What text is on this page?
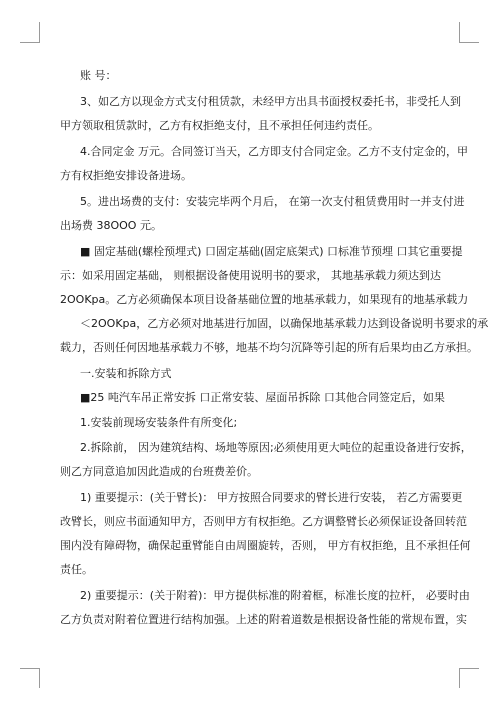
账 号：
3、如乙方以现金方式支付租赁款，未经甲方出具书面授权委托书，非受托人到
甲方领取租赁款时，乙方有权拒绝支付，且不承担任何违约责任。
4.合同定金 万元。合同签订当天，乙方即支付合同定金。乙方不支付定金的，甲
方有权拒绝安排设备进场。
5。进出场费的支付：安装完毕两个月后， 在第一次支付租赁费用时一并支付进
出场费 38OOO 元。
■ 固定基础(螺栓预埋式) 口固定基础(固定底架式) 口标准节预埋 口其它重要提
示：如采用固定基础， 则根据设备使用说明书的要求， 其地基承载力须达到达
2OOKpa。乙方必须确保本项目设备基础位置的地基承载力，如果现有的地基承载力
＜2OOKpa，乙方必须对地基进行加固，以确保地基承载力达到设备说明书要求的承
载力，否则任何因地基承载力不够，地基不均匀沉降等引起的所有后果均由乙方承担。
一.安装和拆除方式
■25 吨汽车吊正常安拆 口正常安装、屋面吊拆除 口其他合同签定后，如果
1.安装前现场安装条件有所变化;
2.拆除前， 因为建筑结构、场地等原因;必须使用更大吨位的起重设备进行安拆，
则乙方同意追加因此造成的台班费差价。
1) 重要提示：(关于臂长)： 甲方按照合同要求的臂长进行安装， 若乙方需要更
改臂长，则应书面通知甲方，否则甲方有权拒绝。乙方调整臂长必须保证设备回转范
围内没有障碍物，确保起重臂能自由周圈旋转，否则， 甲方有权拒绝，且不承担任何
责任。
2) 重要提示：(关于附着)：甲方提供标准的附着框，标准长度的拉杆， 必要时由
乙方负责对附着位置进行结构加强。上述的附着道数是根据设备性能的常规布置，实
